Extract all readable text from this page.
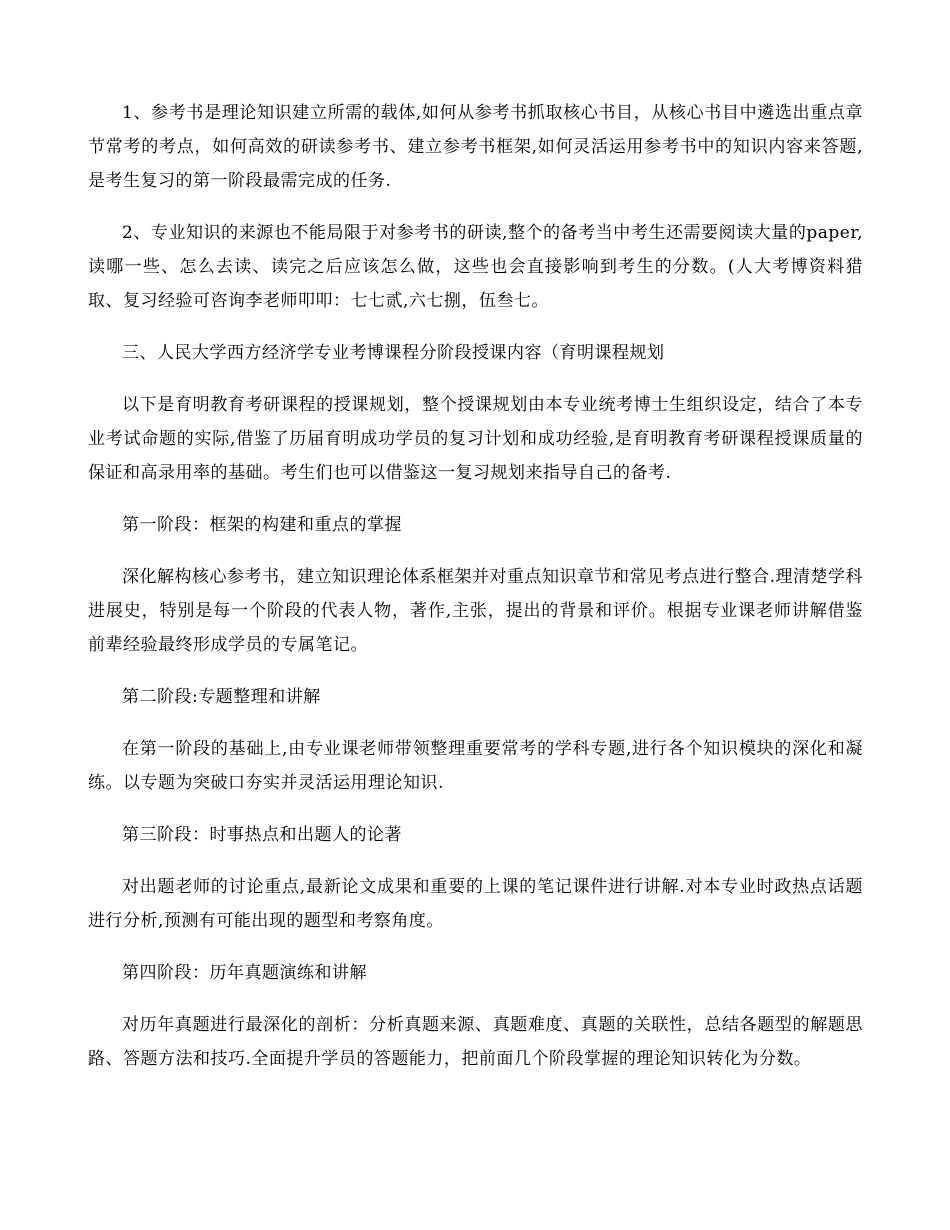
1、参考书是理论知识建立所需的载体,如何从参考书抓取核心书目，从核心书目中遴选出重点章节常考的考点，如何高效的研读参考书、建立参考书框架,如何灵活运用参考书中的知识内容来答题,是考生复习的第一阶段最需完成的任务.

2、专业知识的来源也不能局限于对参考书的研读,整个的备考当中考生还需要阅读大量的paper,读哪一些、怎么去读、读完之后应该怎么做，这些也会直接影响到考生的分数。(人大考博资料猎取、复习经验可咨询李老师叩叩：七七贰,六七捌，伍叁七。

三、人民大学西方经济学专业考博课程分阶段授课内容（育明课程规划

以下是育明教育考研课程的授课规划，整个授课规划由本专业统考博士生组织设定，结合了本专业考试命题的实际,借鉴了历届育明成功学员的复习计划和成功经验,是育明教育考研课程授课质量的保证和高录用率的基础。考生们也可以借鉴这一复习规划来指导自己的备考.

第一阶段：框架的构建和重点的掌握

深化解构核心参考书，建立知识理论体系框架并对重点知识章节和常见考点进行整合.理清楚学科进展史，特别是每一个阶段的代表人物，著作,主张，提出的背景和评价。根据专业课老师讲解借鉴前辈经验最终形成学员的专属笔记。

第二阶段:专题整理和讲解

在第一阶段的基础上,由专业课老师带领整理重要常考的学科专题,进行各个知识模块的深化和凝练。以专题为突破口夯实并灵活运用理论知识.

第三阶段：时事热点和出题人的论著

对出题老师的讨论重点,最新论文成果和重要的上课的笔记课件进行讲解.对本专业时政热点话题进行分析,预测有可能出现的题型和考察角度。

第四阶段：历年真题演练和讲解

对历年真题进行最深化的剖析：分析真题来源、真题难度、真题的关联性，总结各题型的解题思路、答题方法和技巧.全面提升学员的答题能力，把前面几个阶段掌握的理论知识转化为分数。
